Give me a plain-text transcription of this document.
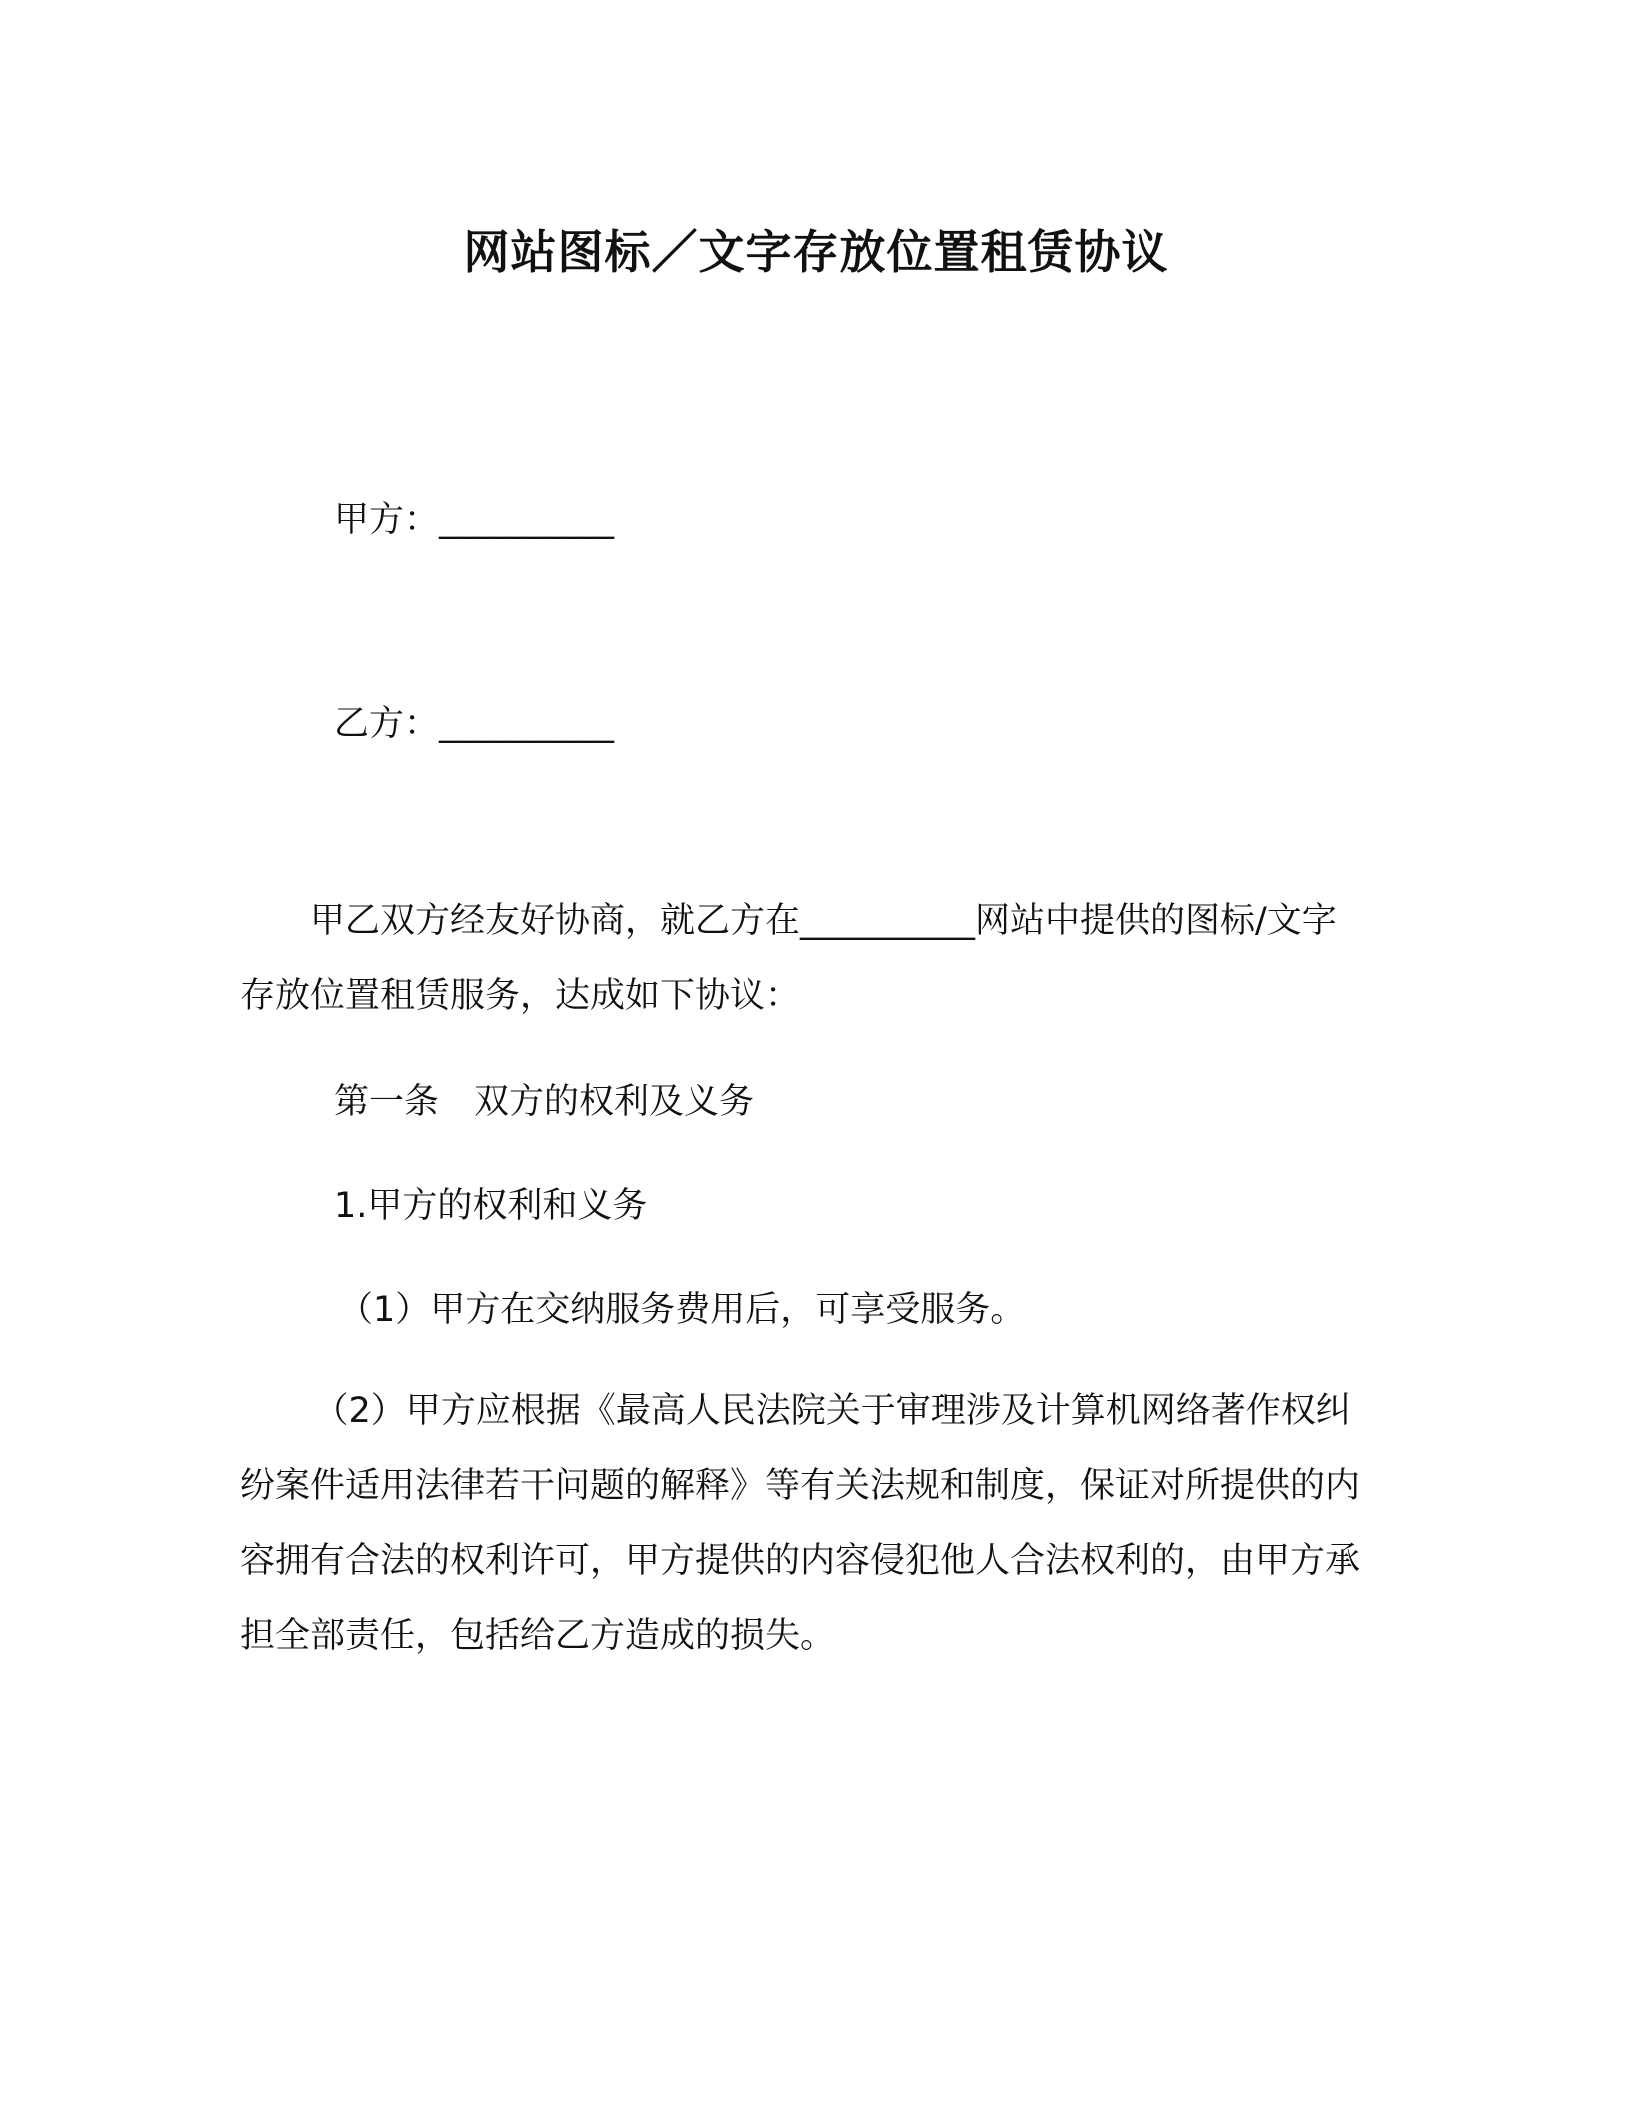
网站图标／文字存放位置租赁协议
甲方：__________
乙方：__________

甲乙双方经友好协商，就乙方在__________网站中提供的图标/文字存放位置租赁服务，达成如下协议：

第一条　双方的权利及义务
1.甲方的权利和义务
（1）甲方在交纳服务费用后，可享受服务。

（2）甲方应根据《最高人民法院关于审理涉及计算机网络著作权纠纷案件适用法律若干问题的解释》等有关法规和制度，保证对所提供的内容拥有合法的权利许可，甲方提供的内容侵犯他人合法权利的，由甲方承担全部责任，包括给乙方造成的损失。
